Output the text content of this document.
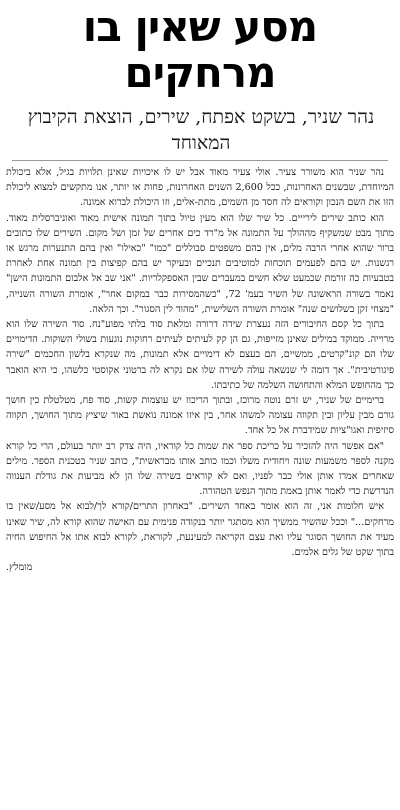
מסע שאין בו
מרחקים
נהר שניר, בשקט אפתח, שירים, הוצאת הקיבוץ המאוחד

נהר שניר הוא משורר צעיר. אולי צעיר מאוד אבל יש לו איכויות שאינן תלויות בגיל, אלא ביכולת המיוחדת, שבשנים האחרונות, ככל 2,600 השנים האחרונות, פחות או יותר, אנו מתקשים למצוא ליכולת הזו את השם הנכון וקוראים לה חסד מן השמים, מתת-אלים, וזו היכולת לברוא אמונה.

הוא כותב שירים לירייים. כל שיר שלו הוא מעין טיול בתוך תמונה אישית מאוד ואוניברסלית מאוד. מתוך מבט שמשקיף מההולך על התמונה אל מ"רד כים אחרים של זמן ושל מקום. השירים שלו כתובים ברור שהוא אחרי הרבה מלים, אין בהם משפטים סבוללים "כמו" "כאילו" ואין בהם התנערות מרגש או רגשנות. יש בהם לפעמים תוכחות למוטיבים תנכיים ובעיקר יש בהם קפיצות בין תמונה אחת לאחרת בטבעיות כה זורמת שכמעט שלא חשים במעברים שבין האספקלריות. "אני שב אל אלבום התמונות הישן" נאמר בשורה הראשונה של השיר בעמ' 72, "כשהמסירות כבר במקום אחר", אומרת השורה השנייה, "מצחי זקן בשלושים שנה" אומרת השורה השלישית, "מהוד לין הסגור". וכך הלאה.

בתוך כל קסם החיבורים הזה נעצרת שידה דרורה ומלאת סוד בלתי מפוע"נח. סוד השירה שלו הוא מרוייה. ממוקד במילים שאינן מזייפות, גם הן קק לעיתים לעיתים רחוקות נוגעות בשולי השוקות. הדימויים שלו הם קונ"קרטים, ממשיים, הם בעצם לא דימויים אלא תמונות, מה שנקרא בלשון החכמים "שירה פיגורטיבית". אך דומה לי שנשאה עולה לשירה שלו אם נקרא לה ברטוני אקוסטי כלשהו, כי היא הואבר כך מהחופש המלא והתחושה השלמה של כתיבתו.

ברימיים של שניר, יש זרם נוטה מרוכז, ובתוך הריכוז יש עוצמות קשות, סוד פח, מטלטלת כין חושך גורם מבין עליון ובין תקווה עצומה למשהו אחר, בין איזו אמונה נואשת באור שיציץ מתוך החושך, תקווה סיזיפית ואגו"ציות שמידברת אל כל אחד.

"אם אפשר היה להזכיר על כריכת ספר את שמות כל קוראיו, היה צדק רב יותר בעולם, הרי כל קורא מקנה לספר משמעות שונה ויחודית משלו וכמו כותב אותו מבראשית", כותב שניר בטכנית הספר. מילים שאחרים אמרו אותן אולי כבר לפניו, ואם לא קוראים בשירה שלו הן לא מביעות את גודלת הענווה הנדרשת כדי לאמר אותן באמת מתוך הנפש הטהורה.

איש חלומות אני, זה הוא אומר באחד השירים. "באחרון התרים/קורא לך/לבוא אל מסע/שאין בו מרחקים..." וככל שהשיר ממשיך הוא מסתגר יותר בנקודה פנימית עם האישה שהוא קורא לה, שיר שאינו מעיד את החושך הסוגר עליו ואת עצם הקריאה למעינעת, לקוראת, לקורא לבוא אתו אל החיפוש החיה בתוך שקט של גלים אלמים.

מומלץ.
